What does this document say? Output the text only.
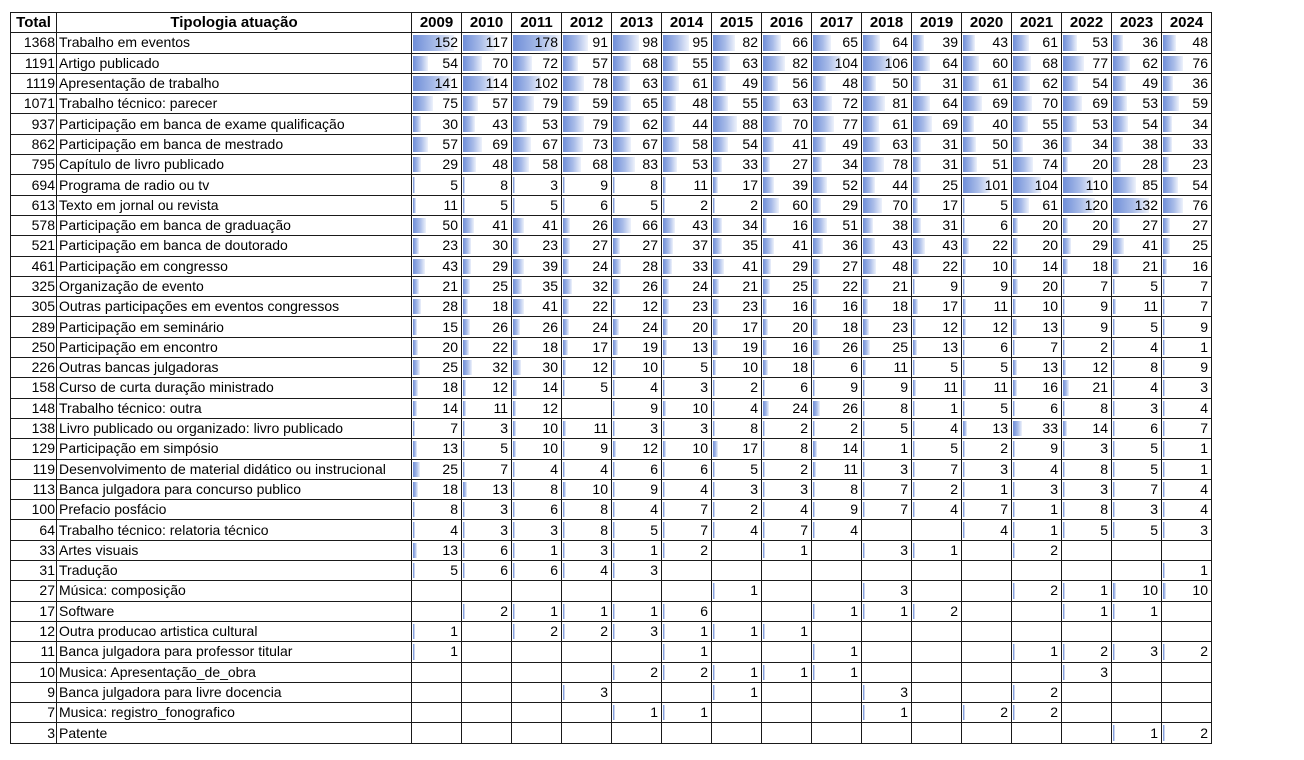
Total	Tipologia atuação	2009	2010	2011	2012	2013	2014	2015	2016	2017	2018	2019	2020	2021	2022	2023	2024
1368	Trabalho em eventos	152	117	178	91	98	95	82	66	65	64	39	43	61	53	36	48
1191	Artigo publicado	54	70	72	57	68	55	63	82	104	106	64	60	68	77	62	76
1119	Apresentação de trabalho	141	114	102	78	63	61	49	56	48	50	31	61	62	54	49	36
1071	Trabalho técnico: parecer	75	57	79	59	65	48	55	63	72	81	64	69	70	69	53	59
937	Participação em banca de exame qualificação	30	43	53	79	62	44	88	70	77	61	69	40	55	53	54	34
862	Participação em banca de mestrado	57	69	67	73	67	58	54	41	49	63	31	50	36	34	38	33
795	Capítulo de livro publicado	29	48	58	68	83	53	33	27	34	78	31	51	74	20	28	23
694	Programa de radio ou tv	5	8	3	9	8	11	17	39	52	44	25	101	104	110	85	54
613	Texto em jornal ou revista	11	5	5	6	5	2	2	60	29	70	17	5	61	120	132	76
578	Participação em banca de graduação	50	41	41	26	66	43	34	16	51	38	31	6	20	20	27	27
521	Participação em banca de doutorado	23	30	23	27	27	37	35	41	36	43	43	22	20	29	41	25
461	Participação em congresso	43	29	39	24	28	33	41	29	27	48	22	10	14	18	21	16
325	Organização de evento	21	25	35	32	26	24	21	25	22	21	9	9	20	7	5	7
305	Outras participações em eventos congressos	28	18	41	22	12	23	23	16	16	18	17	11	10	9	11	7
289	Participação em seminário	15	26	26	24	24	20	17	20	18	23	12	12	13	9	5	9
250	Participação em encontro	20	22	18	17	19	13	19	16	26	25	13	6	7	2	4	1
226	Outras bancas julgadoras	25	32	30	12	10	5	10	18	6	11	5	5	13	12	8	9
158	Curso de curta duração ministrado	18	12	14	5	4	3	2	6	9	9	11	11	16	21	4	3
148	Trabalho técnico: outra	14	11	12		9	10	4	24	26	8	1	5	6	8	3	4
138	Livro publicado ou organizado: livro publicado	7	3	10	11	3	3	8	2	2	5	4	13	33	14	6	7
129	Participação em simpósio	13	5	10	9	12	10	17	8	14	1	5	2	9	3	5	1
119	Desenvolvimento de material didático ou instrucional	25	7	4	4	6	6	5	2	11	3	7	3	4	8	5	1
113	Banca julgadora para concurso publico	18	13	8	10	9	4	3	3	8	7	2	1	3	3	7	4
100	Prefacio posfácio	8	3	6	8	4	7	2	4	9	7	4	7	1	8	3	4
64	Trabalho técnico: relatoria técnico	4	3	3	8	5	7	4	7	4			4	1	5	5	3
33	Artes visuais	13	6	1	3	1	2		1		3	1		2			
31	Tradução	5	6	6	4	3											1
27	Música: composição							1			3			2	1	10	10
17	Software		2	1	1	1	6			1	1	2			1	1	
12	Outra producao artistica cultural	1		2	2	3	1	1	1								
11	Banca julgadora para professor titular	1					1			1				1	2	3	2
10	Musica: Apresentação_de_obra					2	2	1	1	1					3		
9	Banca julgadora para livre docencia				3			1			3			2			
7	Musica: registro_fonografico					1	1				1		2	2			
3	Patente															1	2
